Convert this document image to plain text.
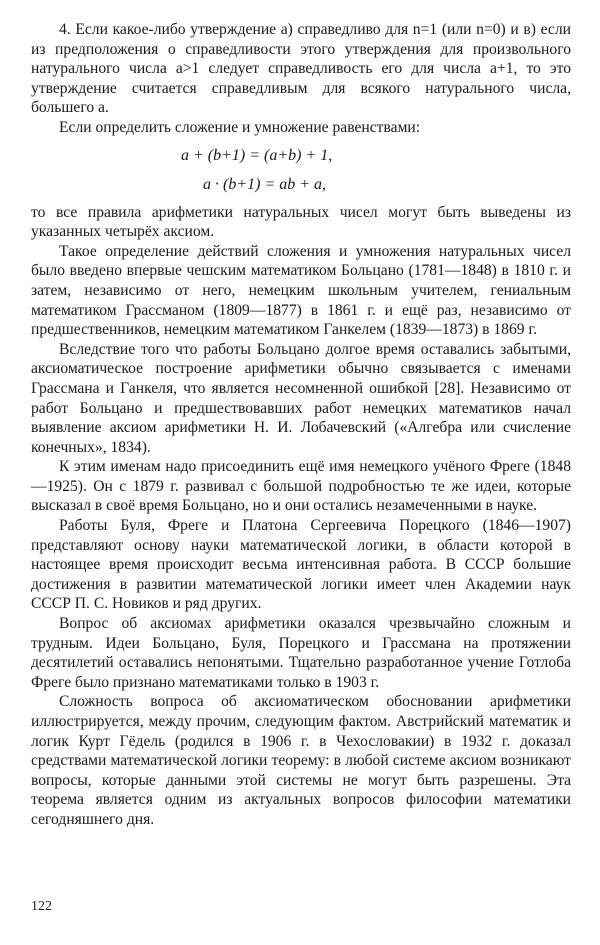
4. Если какое-либо утверждение а) справедливо для n=1 (или n=0) и в) если из предположения о справедливости этого утверждения для произвольного натурального числа a>1 следует справедливость его для числа a+1, то это утверждение считается справедливым для всякого натурального числа, большего a.

Если определить сложение и умножение равенствами:

a + (b+1) = (a+b) + 1,
a · (b+1) = ab + a,

то все правила арифметики натуральных чисел могут быть выведены из указанных четырёх аксиом.

Такое определение действий сложения и умножения натуральных чисел было введено впервые чешским математиком Больцано (1781—1848) в 1810 г. и затем, независимо от него, немецким школьным учителем, гениальным математиком Грассманом (1809—1877) в 1861 г. и ещё раз, независимо от предшественников, немецким математиком Ганкелем (1839—1873) в 1869 г.

Вследствие того что работы Больцано долгое время оставались забытыми, аксиоматическое построение арифметики обычно связывается с именами Грассмана и Ганкеля, что является несомненной ошибкой [28]. Независимо от работ Больцано и предшествовавших работ немецких математиков начал выявление аксиом арифметики Н. И. Лобачевский («Алгебра или счисление конечных», 1834).

К этим именам надо присоединить ещё имя немецкого учёного Фреге (1848—1925). Он с 1879 г. развивал с большой подробностью те же идеи, которые высказал в своё время Больцано, но и они остались незамеченными в науке.

Работы Буля, Фреге и Платона Сергеевича Порецкого (1846—1907) представляют основу науки математической логики, в области которой в настоящее время происходит весьма интенсивная работа. В СССР большие достижения в развитии математической логики имеет член Академии наук СССР П. С. Новиков и ряд других.

Вопрос об аксиомах арифметики оказался чрезвычайно сложным и трудным. Идеи Больцано, Буля, Порецкого и Грассмана на протяжении десятилетий оставались непонятыми. Тщательно разработанное учение Готлоба Фреге было признано математиками только в 1903 г.

Сложность вопроса об аксиоматическом обосновании арифметики иллюстрируется, между прочим, следующим фактом. Австрийский математик и логик Курт Гёдель (родился в 1906 г. в Чехословакии) в 1932 г. доказал средствами математической логики теорему: в любой системе аксиом возникают вопросы, которые данными этой системы не могут быть разрешены. Эта теорема является одним из актуальных вопросов философии математики сегодняшнего дня.

122
